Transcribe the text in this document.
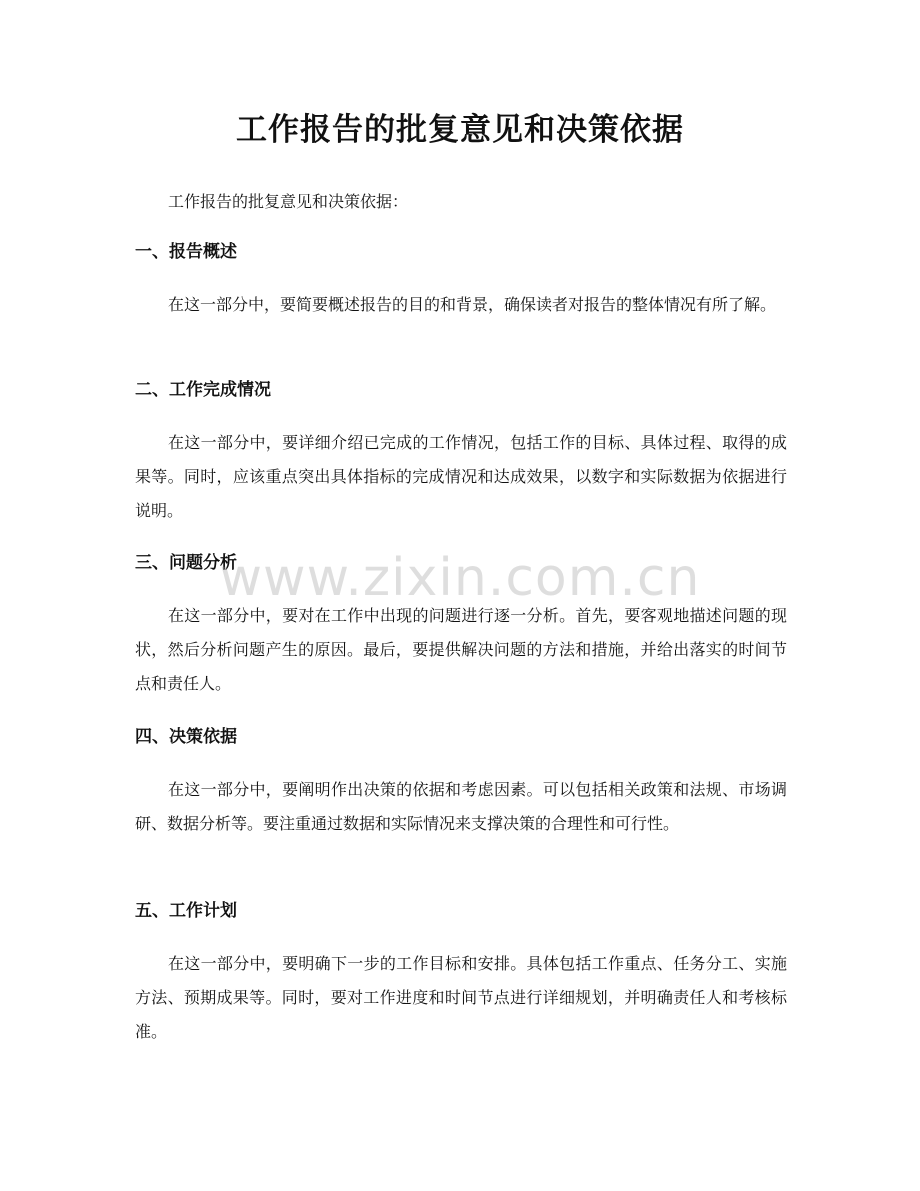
工作报告的批复意见和决策依据

工作报告的批复意见和决策依据：

一、报告概述

在这一部分中，要简要概述报告的目的和背景，确保读者对报告的整体情况有所了解。

二、工作完成情况

在这一部分中，要详细介绍已完成的工作情况，包括工作的目标、具体过程、取得的成果等。同时，应该重点突出具体指标的完成情况和达成效果，以数字和实际数据为依据进行说明。

三、问题分析

在这一部分中，要对在工作中出现的问题进行逐一分析。首先，要客观地描述问题的现状，然后分析问题产生的原因。最后，要提供解决问题的方法和措施，并给出落实的时间节点和责任人。

四、决策依据

在这一部分中，要阐明作出决策的依据和考虑因素。可以包括相关政策和法规、市场调研、数据分析等。要注重通过数据和实际情况来支撑决策的合理性和可行性。

五、工作计划

在这一部分中，要明确下一步的工作目标和安排。具体包括工作重点、任务分工、实施方法、预期成果等。同时，要对工作进度和时间节点进行详细规划，并明确责任人和考核标准。

www.zixin.com.cn
